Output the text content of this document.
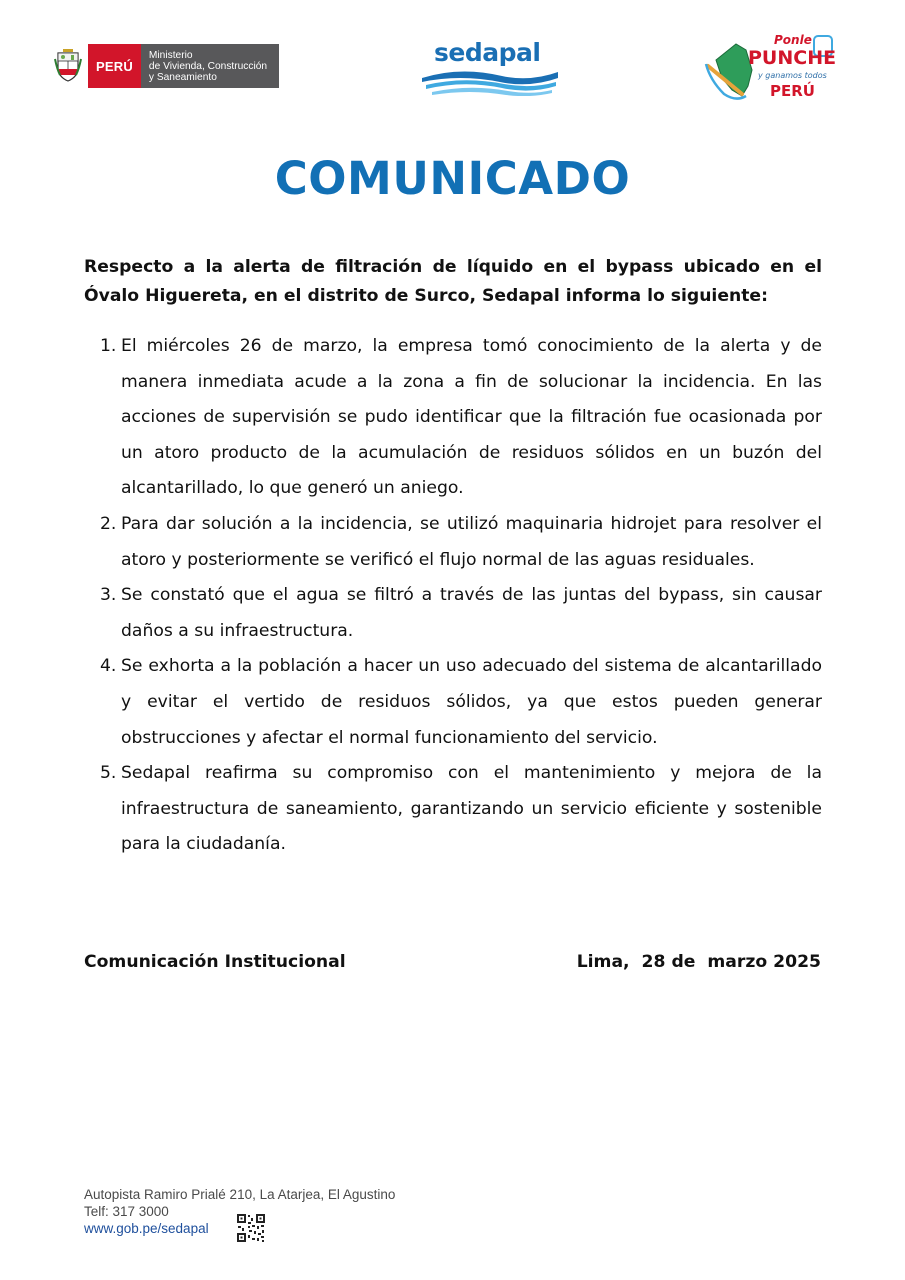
PERÚ
Ministerio
de Vivienda, Construcción
y Saneamiento
sedapal	Ponle
PUNCHE
y ganamos todos
PERÚ
COMUNICADO

Respecto a la alerta de filtración de líquido en el bypass ubicado en el Óvalo Higuereta, en el distrito de Surco, Sedapal informa lo siguiente:

1. El miércoles 26 de marzo, la empresa tomó conocimiento de la alerta y de manera inmediata acude a la zona a fin de solucionar la incidencia. En las acciones de supervisión se pudo identificar que la filtración fue ocasionada por un atoro producto de la acumulación de residuos sólidos en un buzón del alcantarillado, lo que generó un aniego.
2. Para dar solución a la incidencia, se utilizó maquinaria hidrojet para resolver el atoro y posteriormente se verificó el flujo normal de las aguas residuales.
3. Se constató que el agua se filtró a través de las juntas del bypass, sin causar daños a su infraestructura.
4. Se exhorta a la población a hacer un uso adecuado del sistema de alcantarillado y evitar el vertido de residuos sólidos, ya que estos pueden generar obstrucciones y afectar el normal funcionamiento del servicio.
5. Sedapal reafirma su compromiso con el mantenimiento y mejora de la infraestructura de saneamiento, garantizando un servicio eficiente y sostenible para la ciudadanía.
Comunicación Institucional	Lima,  28 de  marzo 2025
Autopista Ramiro Prialé 210, La Atarjea, El Agustino
Telf: 317 3000
www.gob.pe/sedapal
